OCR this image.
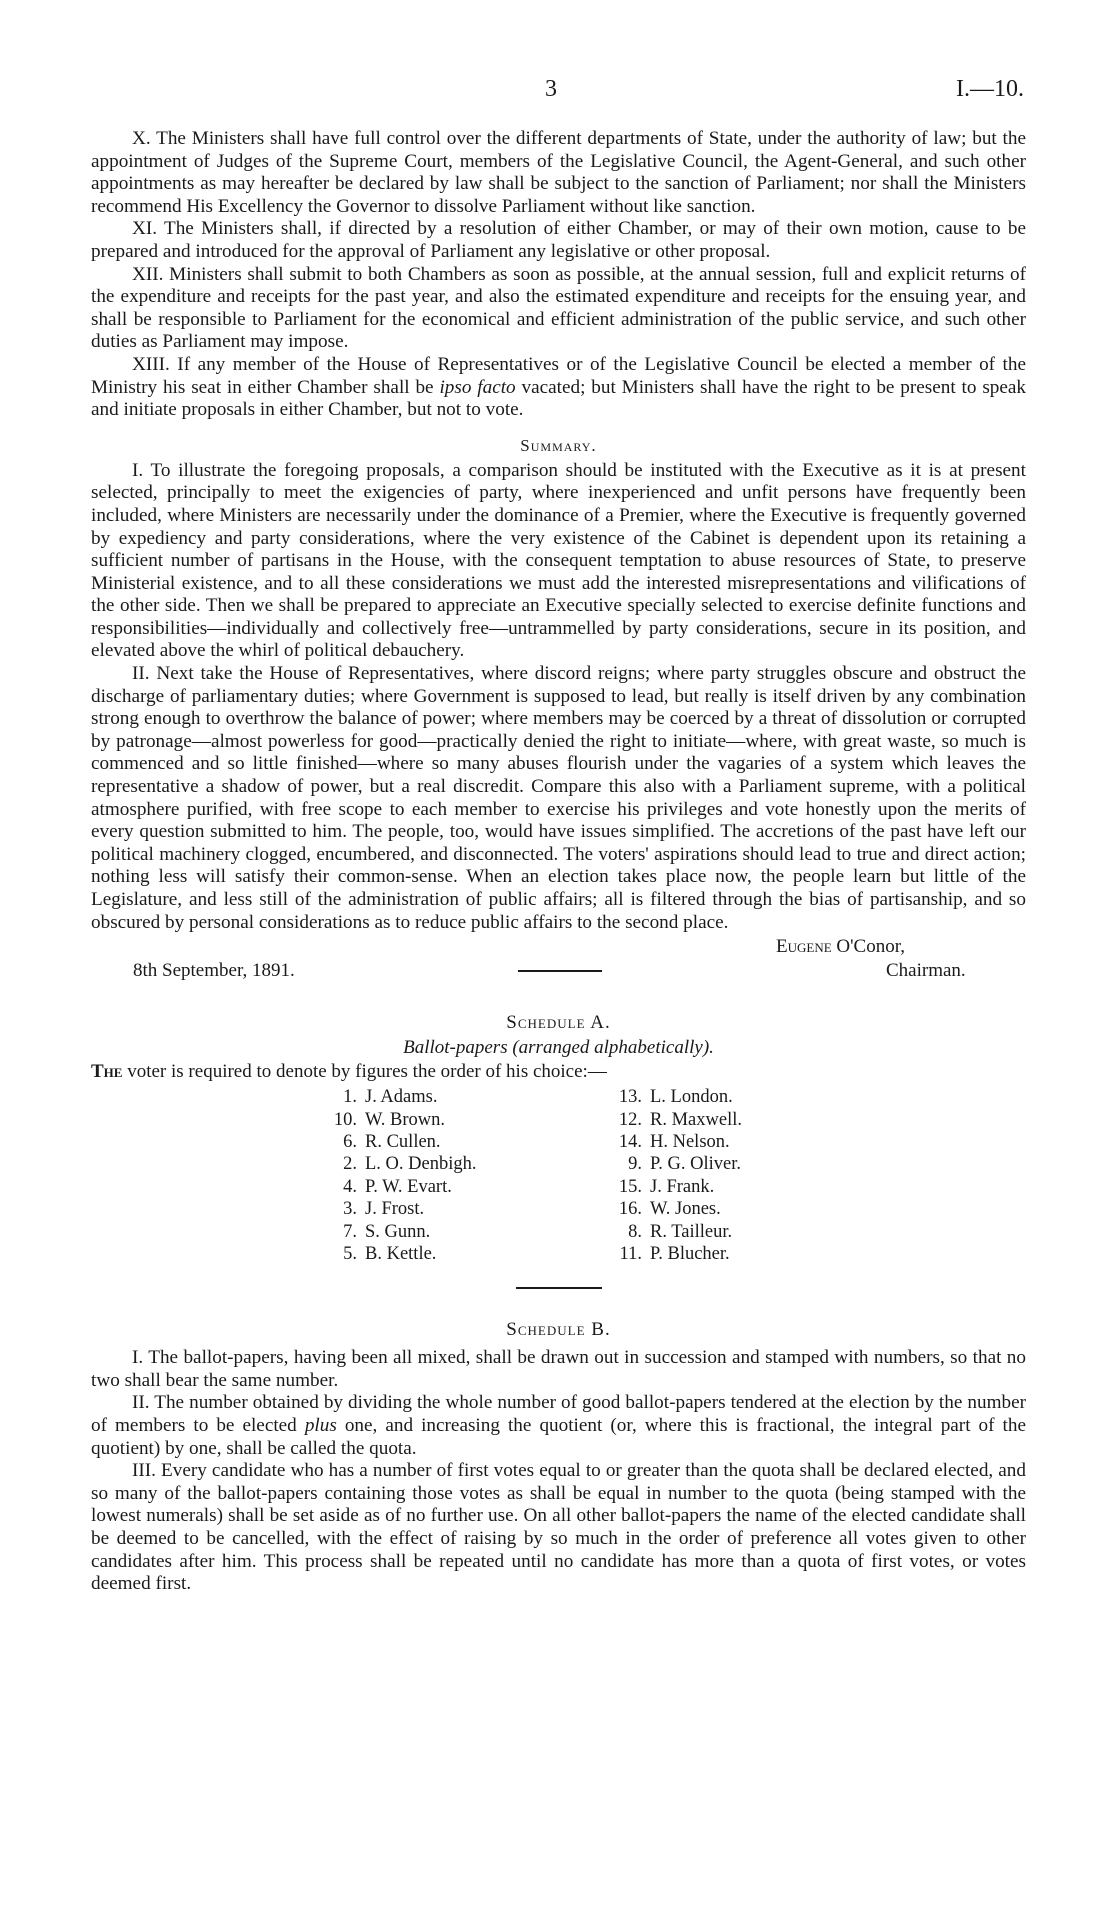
3	I.—10.

X. The Ministers shall have full control over the different departments of State, under the authority of law; but the appointment of Judges of the Supreme Court, members of the Legislative Council, the Agent-General, and such other appointments as may hereafter be declared by law shall be subject to the sanction of Parliament; nor shall the Ministers recommend His Excellency the Governor to dissolve Parliament without like sanction.

XI. The Ministers shall, if directed by a resolution of either Chamber, or may of their own motion, cause to be prepared and introduced for the approval of Parliament any legislative or other proposal.

XII. Ministers shall submit to both Chambers as soon as possible, at the annual session, full and explicit returns of the expenditure and receipts for the past year, and also the estimated expenditure and receipts for the ensuing year, and shall be responsible to Parliament for the economical and efficient administration of the public service, and such other duties as Parliament may impose.

XIII. If any member of the House of Representatives or of the Legislative Council be elected a member of the Ministry his seat in either Chamber shall be ipso facto vacated; but Ministers shall have the right to be present to speak and initiate proposals in either Chamber, but not to vote.

Summary.

I. To illustrate the foregoing proposals, a comparison should be instituted with the Executive as it is at present selected, principally to meet the exigencies of party, where inexperienced and unfit persons have frequently been included, where Ministers are necessarily under the dominance of a Premier, where the Executive is frequently governed by expediency and party considerations, where the very existence of the Cabinet is dependent upon its retaining a sufficient number of partisans in the House, with the consequent temptation to abuse resources of State, to preserve Ministerial existence, and to all these considerations we must add the interested misrepresentations and vilifications of the other side. Then we shall be prepared to appreciate an Executive specially selected to exercise definite functions and responsibilities—individually and collectively free—untrammelled by party considerations, secure in its position, and elevated above the whirl of political debauchery.

II. Next take the House of Representatives, where discord reigns; where party struggles obscure and obstruct the discharge of parliamentary duties; where Government is supposed to lead, but really is itself driven by any combination strong enough to overthrow the balance of power; where members may be coerced by a threat of dissolution or corrupted by patronage—almost powerless for good—practically denied the right to initiate—where, with great waste, so much is commenced and so little finished—where so many abuses flourish under the vagaries of a system which leaves the representative a shadow of power, but a real discredit. Compare this also with a Parliament supreme, with a political atmosphere purified, with free scope to each member to exercise his privileges and vote honestly upon the merits of every question submitted to him. The people, too, would have issues simplified. The accretions of the past have left our political machinery clogged, encumbered, and disconnected. The voters' aspirations should lead to true and direct action; nothing less will satisfy their common-sense. When an election takes place now, the people learn but little of the Legislature, and less still of the administration of public affairs; all is filtered through the bias of partisanship, and so obscured by personal considerations as to reduce public affairs to the second place.

8th September, 1891.
Eugene O'Conor,
Chairman.
Schedule A.
Ballot-papers (arranged alphabetically).

The voter is required to denote by figures the order of his choice:—

1. J. Adams.
10. W. Brown.
6. R. Cullen.
2. L. O. Denbigh.
4. P. W. Evart.
3. J. Frost.
7. S. Gunn.
5. B. Kettle.
13. L. London.
12. R. Maxwell.
14. H. Nelson.
9. P. G. Oliver.
15. J. Frank.
16. W. Jones.
8. R. Tailleur.
11. P. Blucher.
Schedule B.

I. The ballot-papers, having been all mixed, shall be drawn out in succession and stamped with numbers, so that no two shall bear the same number.

II. The number obtained by dividing the whole number of good ballot-papers tendered at the election by the number of members to be elected plus one, and increasing the quotient (or, where this is fractional, the integral part of the quotient) by one, shall be called the quota.

III. Every candidate who has a number of first votes equal to or greater than the quota shall be declared elected, and so many of the ballot-papers containing those votes as shall be equal in number to the quota (being stamped with the lowest numerals) shall be set aside as of no further use. On all other ballot-papers the name of the elected candidate shall be deemed to be cancelled, with the effect of raising by so much in the order of preference all votes given to other candidates after him. This process shall be repeated until no candidate has more than a quota of first votes, or votes deemed first.
